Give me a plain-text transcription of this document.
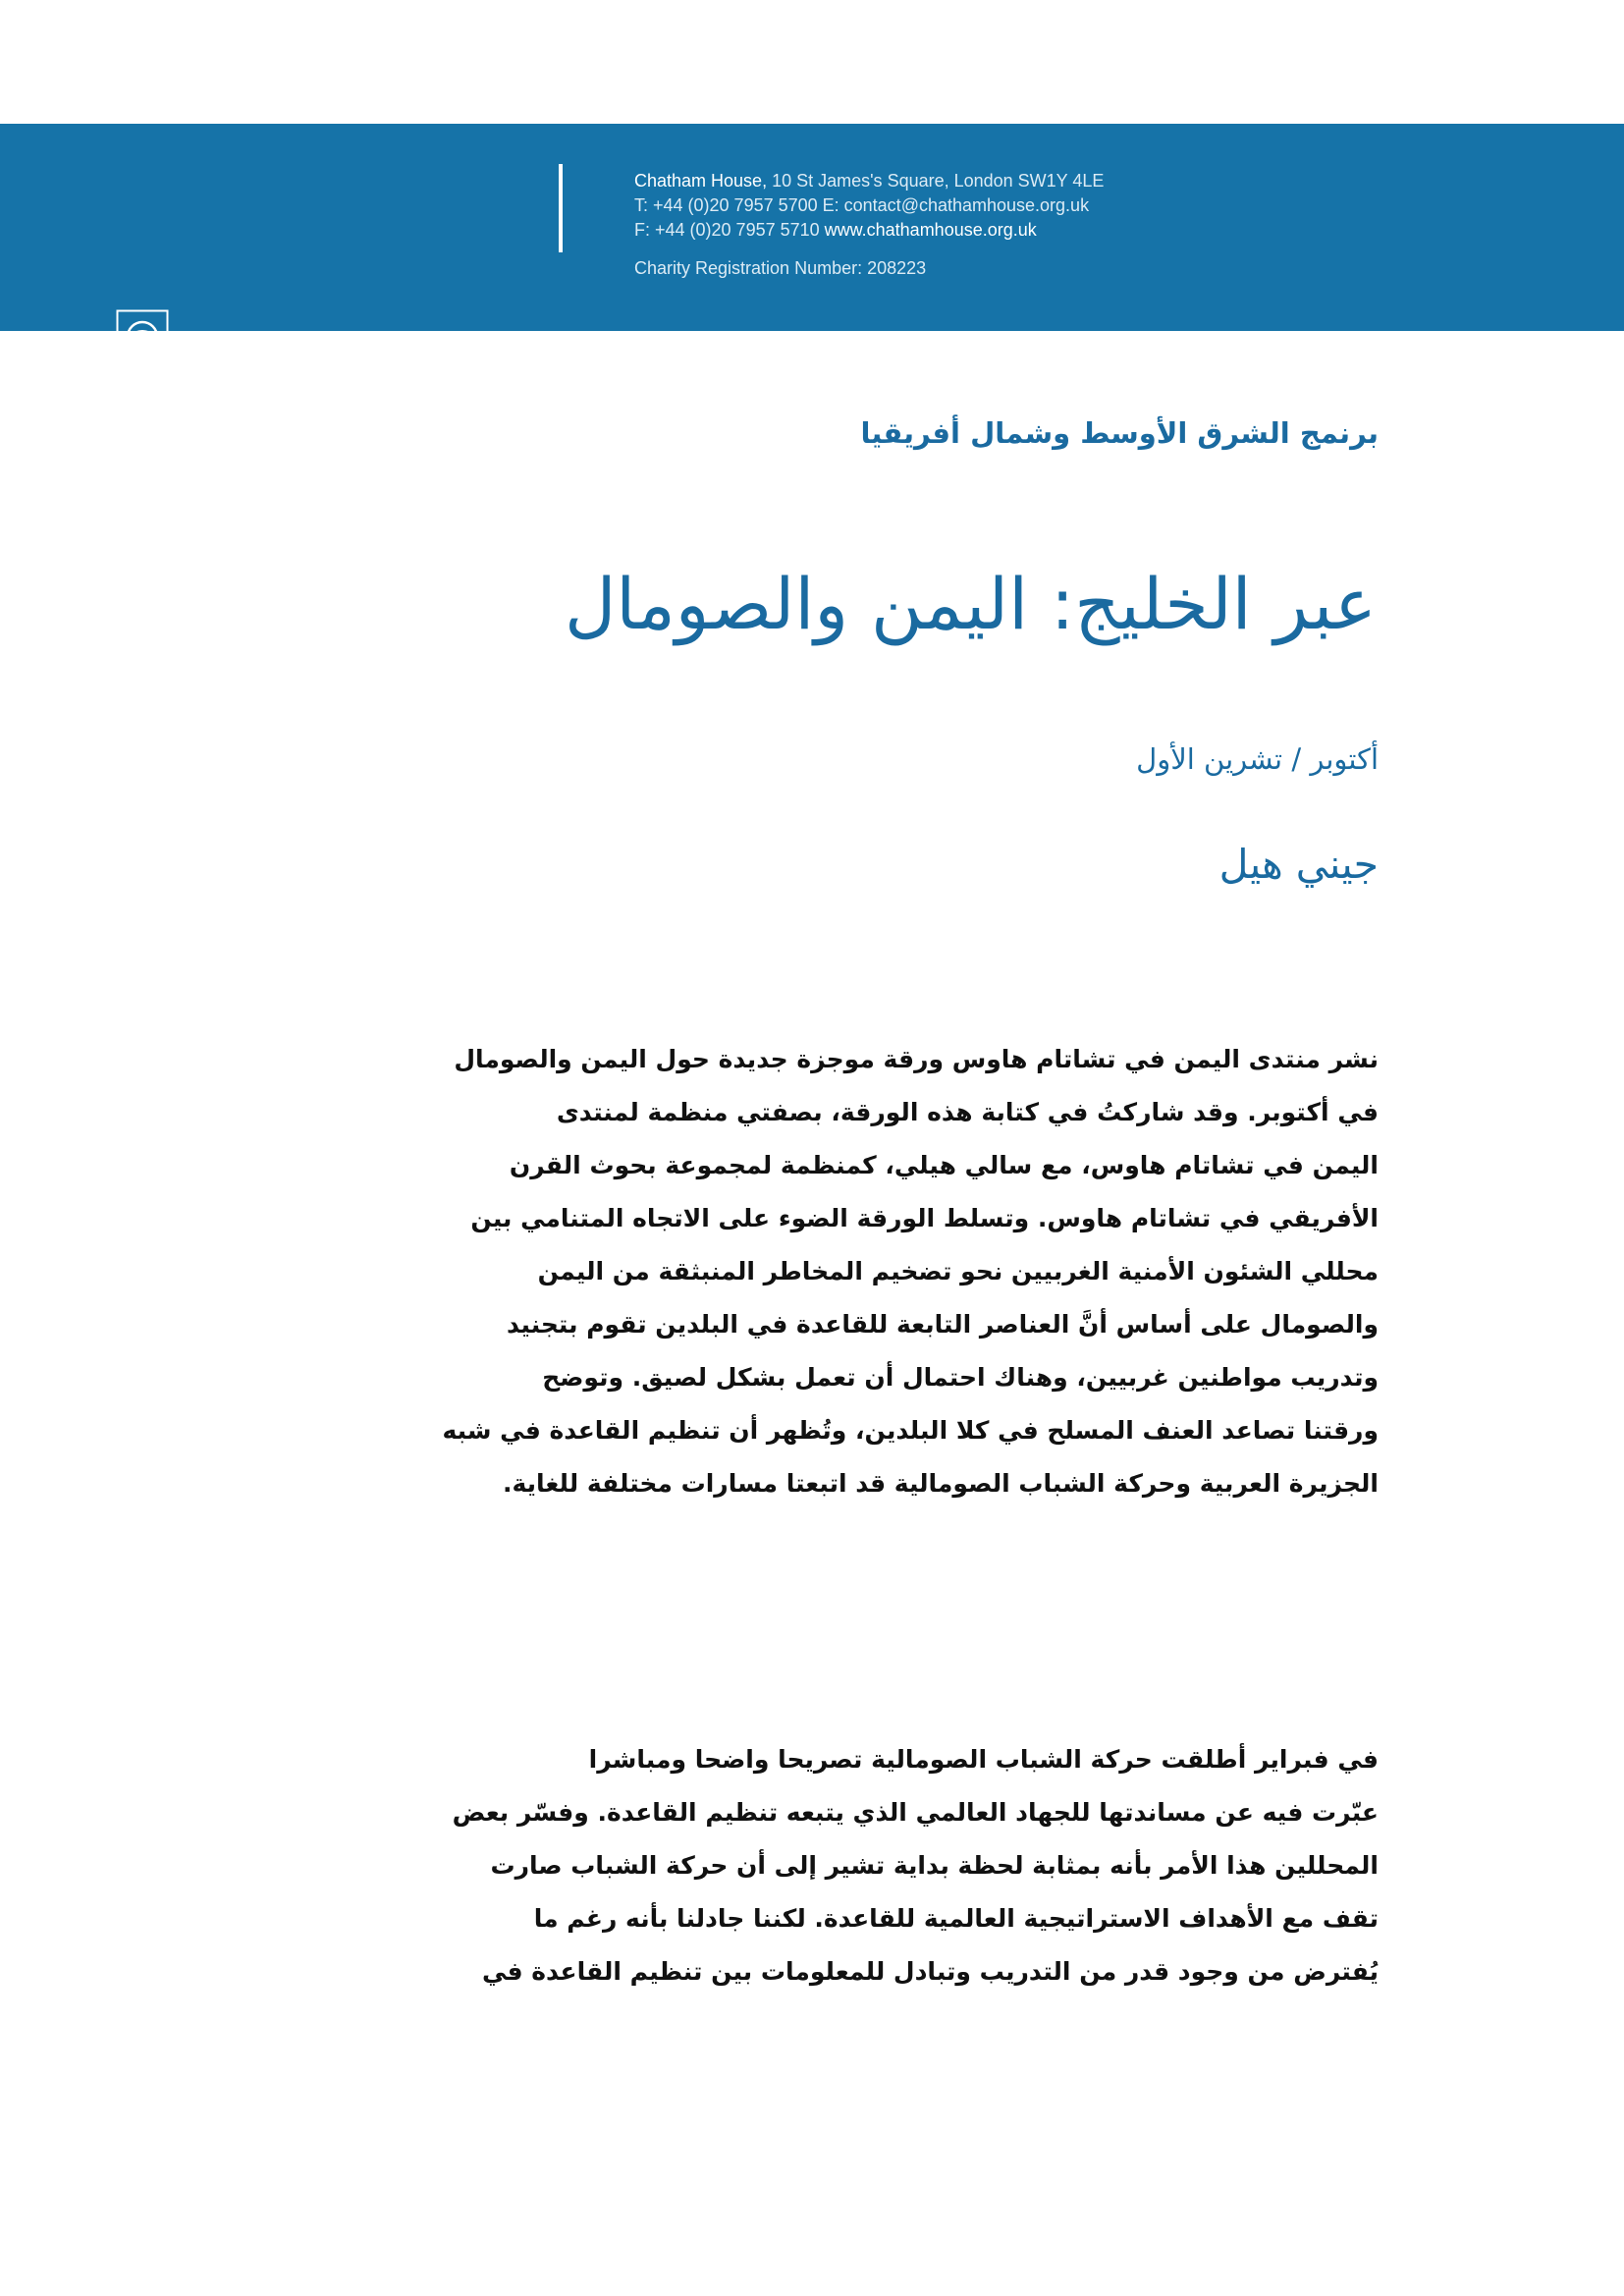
CHATHAM HOUSE
Chatham House, 10 St James's Square, London SW1Y 4LE
T: +44 (0)20 7957 5700 E: contact@chathamhouse.org.uk
F: +44 (0)20 7957 5710 www.chathamhouse.org.uk
Charity Registration Number: 208223
برنمج الشرق الأوسط وشمال أفريقيا
عبر الخليج: اليمن والصومال
أكتوبر / تشرين الأول
جيني هيل
نشر منتدى اليمن في تشاتام هاوس ورقة موجزة جديدة حول اليمن والصومال
في أكتوبر. وقد شاركتُ في كتابة هذه الورقة، بصفتي منظمة لمنتدى
اليمن في تشاتام هاوس، مع سالي هيلي، كمنظمة لمجموعة بحوث القرن
الأفريقي في تشاتام هاوس. وتسلط الورقة الضوء على الاتجاه المتنامي بين
محللي الشئون الأمنية الغربيين نحو تضخيم المخاطر المنبثقة من اليمن
والصومال على أساس أنَّ العناصر التابعة للقاعدة في البلدين تقوم بتجنيد
وتدريب مواطنين غربيين، وهناك احتمال أن تعمل بشكل لصيق. وتوضح
ورقتنا تصاعد العنف المسلح في كلا البلدين، وتُظهر أن تنظيم القاعدة في شبه
الجزيرة العربية وحركة الشباب الصومالية قد اتبعتا مسارات مختلفة للغاية.
في فبراير أطلقت حركة الشباب الصومالية تصريحا واضحا ومباشرا
عبّرت فيه عن مساندتها للجهاد العالمي الذي يتبعه تنظيم القاعدة. وفسّر بعض
المحللين هذا الأمر بأنه بمثابة لحظة بداية تشير إلى أن حركة الشباب صارت
تقف مع الأهداف الاستراتيجية العالمية للقاعدة. لكننا جادلنا بأنه رغم ما
يُفترض من وجود قدر من التدريب وتبادل للمعلومات بين تنظيم القاعدة في
